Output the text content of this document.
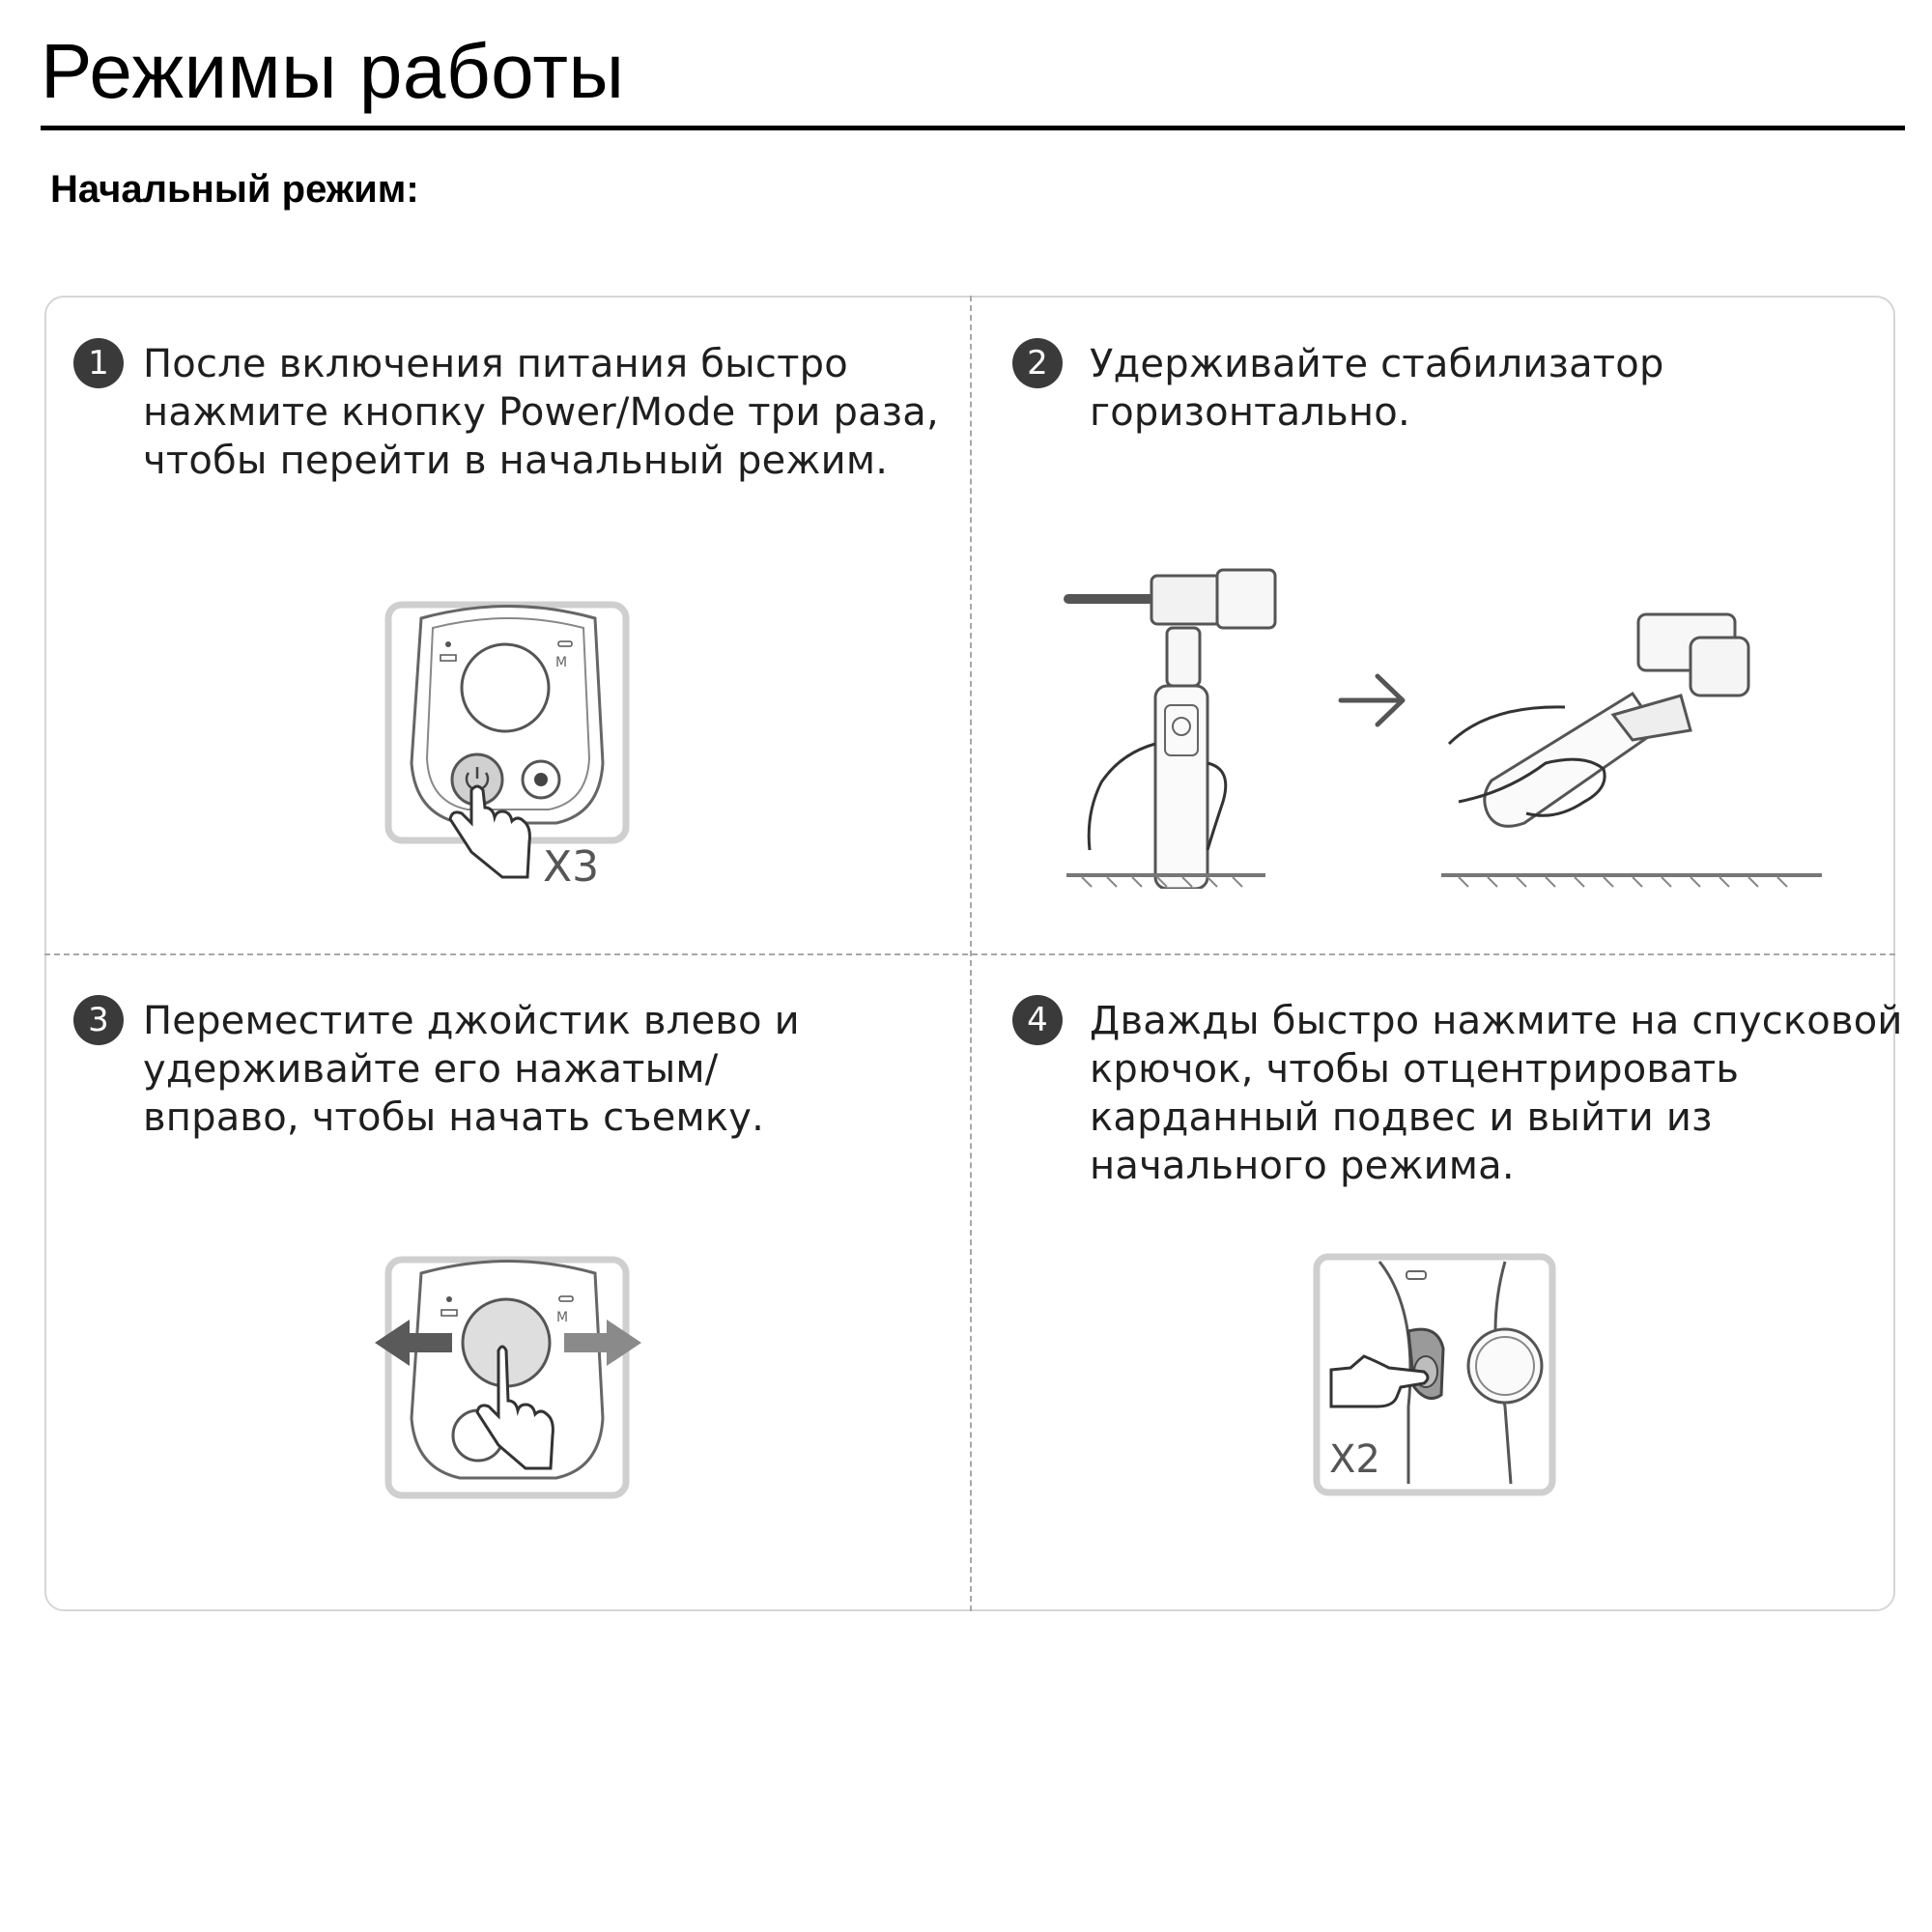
Режимы работы
Начальный режим:
1 После включения питания быстро
нажмите кнопку Power/Mode три раза,
чтобы перейти в начальный режим.

M
X3
2	Удерживайте стабилизатор
горизонтально.

3 Переместите джойстик влево и
удерживайте его нажатым/
вправо, чтобы начать съемку.

M
4	Дважды быстро нажмите на спусковой
крючок, чтобы отцентрировать
карданный подвес и выйти из
начального режима.

X2
